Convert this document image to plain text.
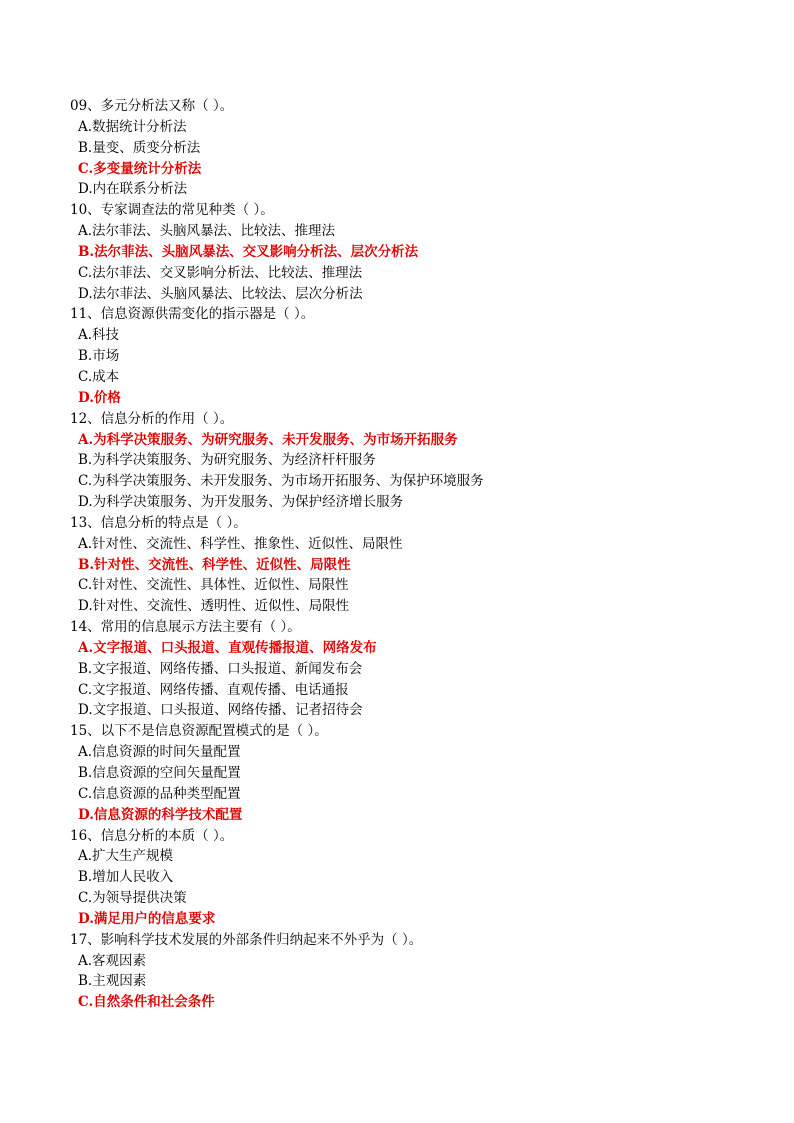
09、多元分析法又称（ ）。
A.数据统计分析法
B.量变、质变分析法
C.多变量统计分析法
D.内在联系分析法
10、专家调查法的常见种类（ ）。
A.法尔菲法、头脑风暴法、比较法、推理法
B.法尔菲法、头脑风暴法、交叉影响分析法、层次分析法
C.法尔菲法、交叉影响分析法、比较法、推理法
D.法尔菲法、头脑风暴法、比较法、层次分析法
11、信息资源供需变化的指示器是（ ）。
A.科技
B.市场
C.成本
D.价格
12、信息分析的作用（ ）。
A.为科学决策服务、为研究服务、未开发服务、为市场开拓服务
B.为科学决策服务、为研究服务、为经济杆杆服务
C.为科学决策服务、未开发服务、为市场开拓服务、为保护环境服务
D.为科学决策服务、为开发服务、为保护经济增长服务
13、信息分析的特点是（ ）。
A.针对性、交流性、科学性、推象性、近似性、局限性
B.针对性、交流性、科学性、近似性、局限性
C.针对性、交流性、具体性、近似性、局限性
D.针对性、交流性、透明性、近似性、局限性
14、常用的信息展示方法主要有（ ）。
A.文字报道、口头报道、直观传播报道、网络发布
B.文字报道、网络传播、口头报道、新闻发布会
C.文字报道、网络传播、直观传播、电话通报
D.文字报道、口头报道、网络传播、记者招待会
15、以下不是信息资源配置模式的是（ ）。
A.信息资源的时间矢量配置
B.信息资源的空间矢量配置
C.信息资源的品种类型配置
D.信息资源的科学技术配置
16、信息分析的本质（ ）。
A.扩大生产规模
B.增加人民收入
C.为领导提供决策
D.满足用户的信息要求
17、影响科学技术发展的外部条件归纳起来不外乎为（ ）。
A.客观因素
B.主观因素
C.自然条件和社会条件
